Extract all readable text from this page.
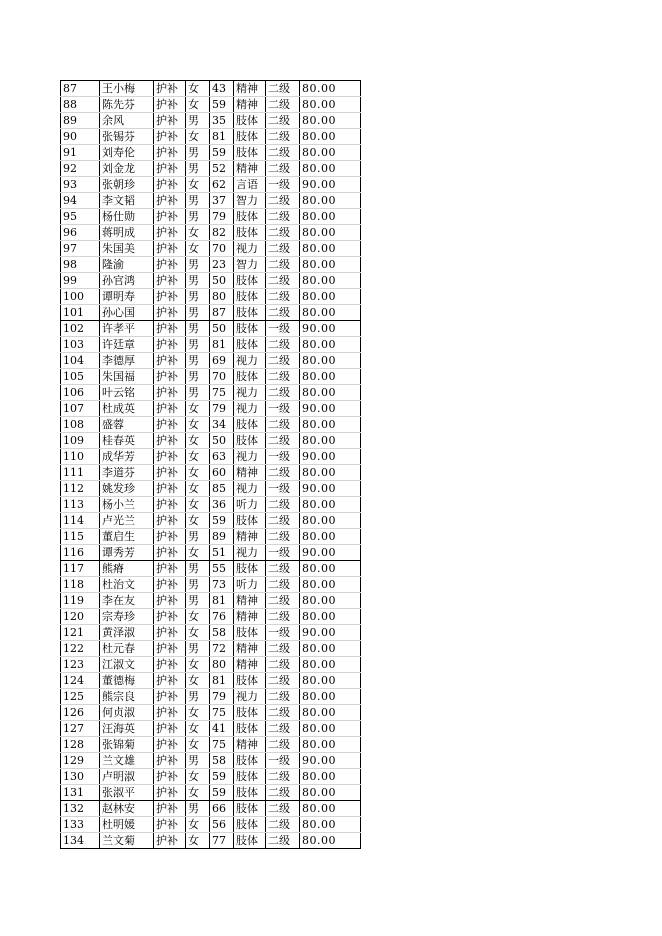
87	王小梅	护补	女	43	精神	二级	80.00
88	陈先芬	护补	女	59	精神	二级	80.00
89	余风	护补	男	35	肢体	二级	80.00
90	张锡芬	护补	女	81	肢体	二级	80.00
91	刘寿伦	护补	男	59	肢体	二级	80.00
92	刘金龙	护补	男	52	精神	二级	80.00
93	张朝珍	护补	女	62	言语	一级	90.00
94	李文韬	护补	男	37	智力	二级	80.00
95	杨仕勋	护补	男	79	肢体	二级	80.00
96	蒋明成	护补	女	82	肢体	二级	80.00
97	朱国美	护补	女	70	视力	二级	80.00
98	隆渝	护补	男	23	智力	二级	80.00
99	孙官鸿	护补	男	50	肢体	二级	80.00
100	谭明寿	护补	男	80	肢体	二级	80.00
101	孙心国	护补	男	87	肢体	二级	80.00
102	许孝平	护补	男	50	肢体	一级	90.00
103	许廷章	护补	男	81	肢体	二级	80.00
104	李德厚	护补	男	69	视力	二级	80.00
105	朱国福	护补	男	70	肢体	二级	80.00
106	叶云铭	护补	男	75	视力	二级	80.00
107	杜成英	护补	女	79	视力	一级	90.00
108	盛蓉	护补	女	34	肢体	二级	80.00
109	桂春英	护补	女	50	肢体	二级	80.00
110	成华芳	护补	女	63	视力	一级	90.00
111	李道芬	护补	女	60	精神	二级	80.00
112	姚发珍	护补	女	85	视力	一级	90.00
113	杨小兰	护补	女	36	听力	二级	80.00
114	卢光兰	护补	女	59	肢体	二级	80.00
115	董启生	护补	男	89	精神	二级	80.00
116	谭秀芳	护补	女	51	视力	一级	90.00
117	熊瘠	护补	男	55	肢体	二级	80.00
118	杜治文	护补	男	73	听力	二级	80.00
119	李在友	护补	男	81	精神	二级	80.00
120	宗寿珍	护补	女	76	精神	二级	80.00
121	黄泽淑	护补	女	58	肢体	一级	90.00
122	杜元春	护补	男	72	精神	二级	80.00
123	江淑文	护补	女	80	精神	二级	80.00
124	董德梅	护补	女	81	肢体	二级	80.00
125	熊宗良	护补	男	79	视力	二级	80.00
126	何贞淑	护补	女	75	肢体	二级	80.00
127	汪海英	护补	女	41	肢体	二级	80.00
128	张锦菊	护补	女	75	精神	二级	80.00
129	兰文雄	护补	男	58	肢体	一级	90.00
130	卢明淑	护补	女	59	肢体	二级	80.00
131	张淑平	护补	女	59	肢体	二级	80.00
132	赵林安	护补	男	66	肢体	二级	80.00
133	杜明媛	护补	女	56	肢体	二级	80.00
134	兰文菊	护补	女	77	肢体	二级	80.00
